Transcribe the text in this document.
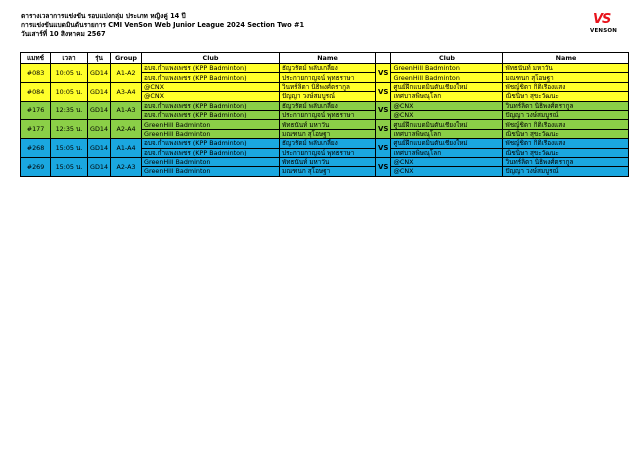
ตารางเวลาการแข่งขัน รอบแบ่งกลุ่ม ประเภท หญิงคู่ 14 ปี
การแข่งขันแบดมินตันรายการ CMI VenSon Web Junior League 2024 Section Two #1
วันเสาร์ที่ 10 สิงหาคม 2567
VS
VENSON
แมทช์	เวลา	รุ่น	Group	Club	Name		Club	Name
#083	10:05 น.	GD14	A1-A2	อบจ.กำแพงเพชร (KPP Badminton)	ธัญวรัตม์ พลับเกลี้ยง	VS	GreenHill Badminton	พัทธนันท์ มหาวัน
				อบจ.กำแพงเพชร (KPP Badminton)	ประกายกาญจน์ พุทธราษา		GreenHill Badminton	มณฑนก สุโอษฐา
#084	10:05 น.	GD14	A3-A4	@CNX	วินทร์ลิตา นิธิพงศ์ตรากูล	VS	ศูนย์ฝึกแบดมินตันเชียงใหม่	พัชญ์ชิตา กิติเรืองแสง
				@CNX	ปัญญา วงษ์สมบูรณ์		เทศบาลพิษณุโลก	ณิชนิษา สุขะวัฒนะ
#176	12:35 น.	GD14	A1-A3	อบจ.กำแพงเพชร (KPP Badminton)	ธัญวรัตม์ พลับเกลี้ยง	VS	@CNX	วินทร์ลิตา นิธิพงศ์ตรากูล
				อบจ.กำแพงเพชร (KPP Badminton)	ประกายกาญจน์ พุทธราษา		@CNX	ปัญญา วงษ์สมบูรณ์
#177	12:35 น.	GD14	A2-A4	GreenHill Badminton	พัทธนันท์ มหาวัน	VS	ศูนย์ฝึกแบดมินตันเชียงใหม่	พัชญ์ชิตา กิติเรืองแสง
				GreenHill Badminton	มณฑนก สุโอษฐา		เทศบาลพิษณุโลก	ณิชนิษา สุขะวัฒนะ
#268	15:05 น.	GD14	A1-A4	อบจ.กำแพงเพชร (KPP Badminton)	ธัญวรัตม์ พลับเกลี้ยง	VS	ศูนย์ฝึกแบดมินตันเชียงใหม่	พัชญ์ชิตา กิติเรืองแสง
				อบจ.กำแพงเพชร (KPP Badminton)	ประกายกาญจน์ พุทธราษา		เทศบาลพิษณุโลก	ณิชนิษา สุขะวัฒนะ
#269	15:05 น.	GD14	A2-A3	GreenHill Badminton	พัทธนันท์ มหาวัน	VS	@CNX	วินทร์ลิตา นิธิพงศ์ตรากูล
				GreenHill Badminton	มณฑนก สุโอษฐา		@CNX	ปัญญา วงษ์สมบูรณ์
